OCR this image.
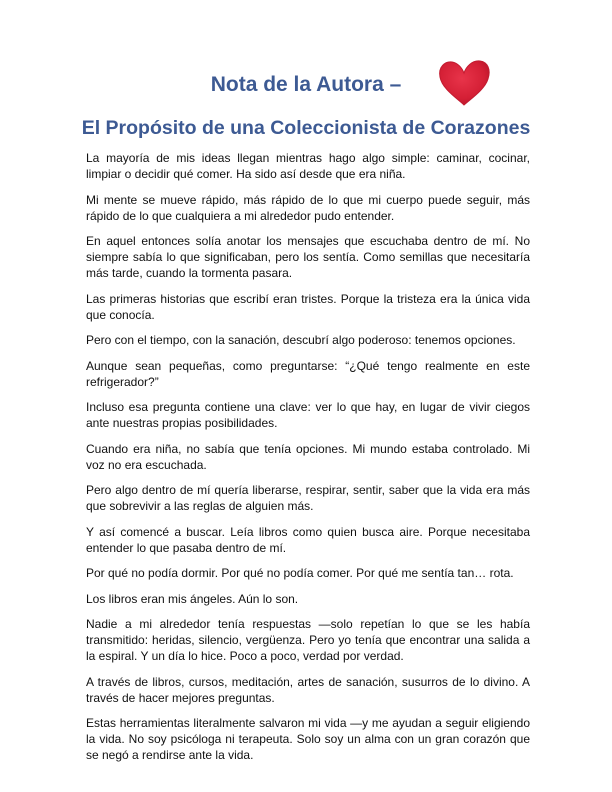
Nota de la Autora –
El Propósito de una Coleccionista de Corazones

La mayoría de mis ideas llegan mientras hago algo simple: caminar, cocinar, limpiar o decidir qué comer. Ha sido así desde que era niña.

Mi mente se mueve rápido, más rápido de lo que mi cuerpo puede seguir, más rápido de lo que cualquiera a mi alrededor pudo entender.

En aquel entonces solía anotar los mensajes que escuchaba dentro de mí. No siempre sabía lo que significaban, pero los sentía. Como semillas que necesitaría más tarde, cuando la tormenta pasara.

Las primeras historias que escribí eran tristes. Porque la tristeza era la única vida que conocía.

Pero con el tiempo, con la sanación, descubrí algo poderoso: tenemos opciones.

Aunque sean pequeñas, como preguntarse: “¿Qué tengo realmente en este refrigerador?”

Incluso esa pregunta contiene una clave: ver lo que hay, en lugar de vivir ciegos ante nuestras propias posibilidades.

Cuando era niña, no sabía que tenía opciones. Mi mundo estaba controlado. Mi voz no era escuchada.

Pero algo dentro de mí quería liberarse, respirar, sentir, saber que la vida era más que sobrevivir a las reglas de alguien más.

Y así comencé a buscar. Leía libros como quien busca aire. Porque necesitaba entender lo que pasaba dentro de mí.

Por qué no podía dormir. Por qué no podía comer. Por qué me sentía tan… rota.

Los libros eran mis ángeles. Aún lo son.

Nadie a mi alrededor tenía respuestas —solo repetían lo que se les había transmitido: heridas, silencio, vergüenza. Pero yo tenía que encontrar una salida a la espiral. Y un día lo hice. Poco a poco, verdad por verdad.

A través de libros, cursos, meditación, artes de sanación, susurros de lo divino. A través de hacer mejores preguntas.

Estas herramientas literalmente salvaron mi vida —y me ayudan a seguir eligiendo la vida. No soy psicóloga ni terapeuta. Solo soy un alma con un gran corazón que se negó a rendirse ante la vida.
